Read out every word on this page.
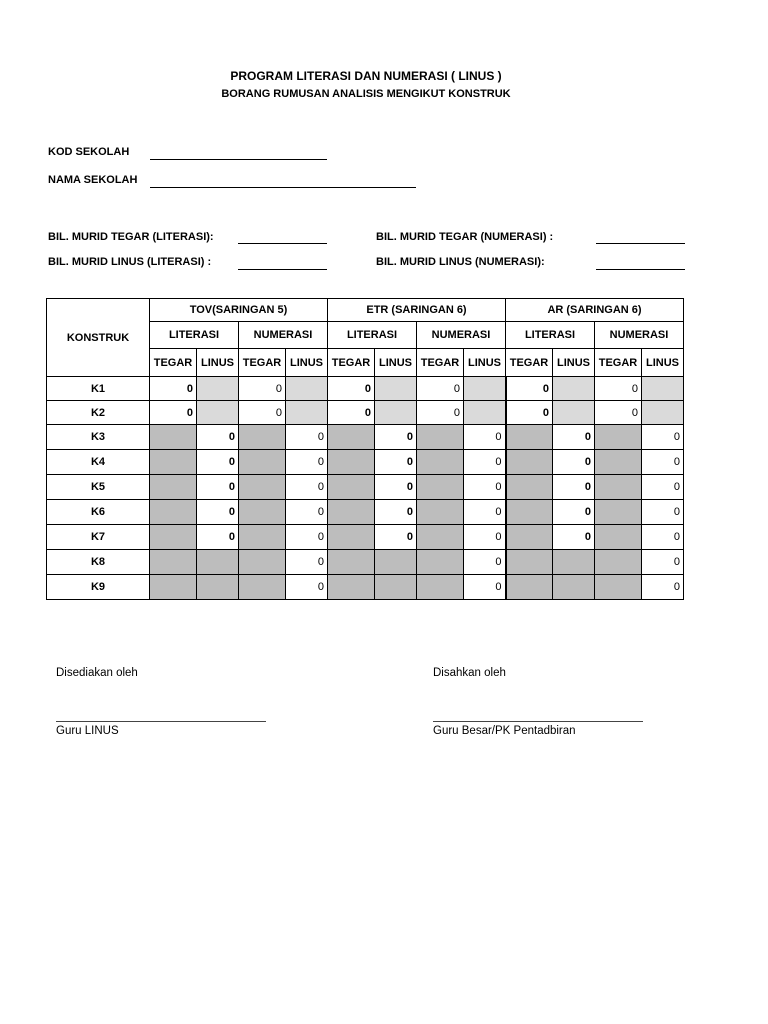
PROGRAM LITERASI DAN NUMERASI ( LINUS )
BORANG RUMUSAN ANALISIS MENGIKUT KONSTRUK
KOD SEKOLAH
NAMA SEKOLAH
BIL. MURID TEGAR (LITERASI):
BIL. MURID LINUS (LITERASI) :
BIL. MURID TEGAR (NUMERASI) :
BIL. MURID LINUS (NUMERASI):
KONSTRUK	TOV(SARINGAN 5)				ETR (SARINGAN 6)				AR (SARINGAN 6)			
	LITERASI		NUMERASI		LITERASI		NUMERASI		LITERASI		NUMERASI	
	TEGAR	LINUS	TEGAR	LINUS	TEGAR	LINUS	TEGAR	LINUS	TEGAR	LINUS	TEGAR	LINUS
K1	0		0		0		0		0		0	
K2	0		0		0		0		0		0	
K3		0		0		0		0		0		0
K4		0		0		0		0		0		0
K5		0		0		0		0		0		0
K6		0		0		0		0		0		0
K7		0		0		0		0		0		0
K8				0				0				0
K9				0				0				0
Disediakan oleh
Guru LINUS
Disahkan oleh
Guru Besar/PK Pentadbiran
